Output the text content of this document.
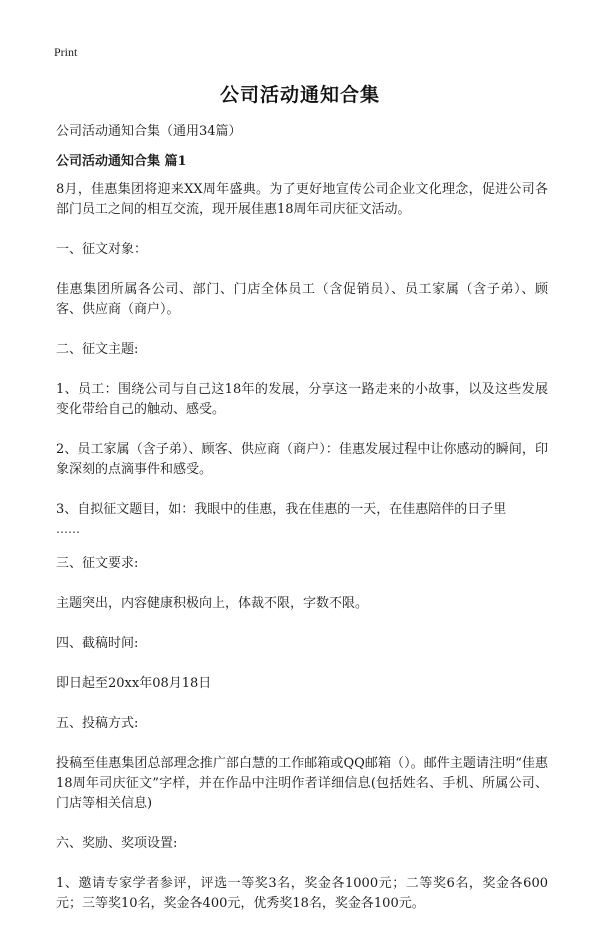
Print
公司活动通知合集
公司活动通知合集（通用34篇）
公司活动通知合集 篇1

8月，佳惠集团将迎来XX周年盛典。为了更好地宣传公司企业文化理念，促进公司各部门员工之间的相互交流，现开展佳惠18周年司庆征文活动。

一、征文对象：

佳惠集团所属各公司、部门、门店全体员工（含促销员）、员工家属（含子弟）、顾客、供应商（商户）。

二、征文主题:

1、员工：围绕公司与自己这18年的发展，分享这一路走来的小故事，以及这些发展变化带给自己的触动、感受。

2、员工家属（含子弟）、顾客、供应商（商户）：佳惠发展过程中让你感动的瞬间，印象深刻的点滴事件和感受。

3、自拟征文题目，如：我眼中的佳惠，我在佳惠的一天，在佳惠陪伴的日子里

……

三、征文要求:

主题突出，内容健康积极向上，体裁不限，字数不限。

四、截稿时间:

即日起至20xx年08月18日

五、投稿方式:

投稿至佳惠集团总部理念推广部白慧的工作邮箱或QQ邮箱（）。邮件主题请注明“佳惠18周年司庆征文”字样，并在作品中注明作者详细信息(包括姓名、手机、所属公司、门店等相关信息)

六、奖励、奖项设置:

1、邀请专家学者参评，评选一等奖3名，奖金各1000元；二等奖6名，奖金各600元；三等奖10名，奖金各400元，优秀奖18名，奖金各100元。
